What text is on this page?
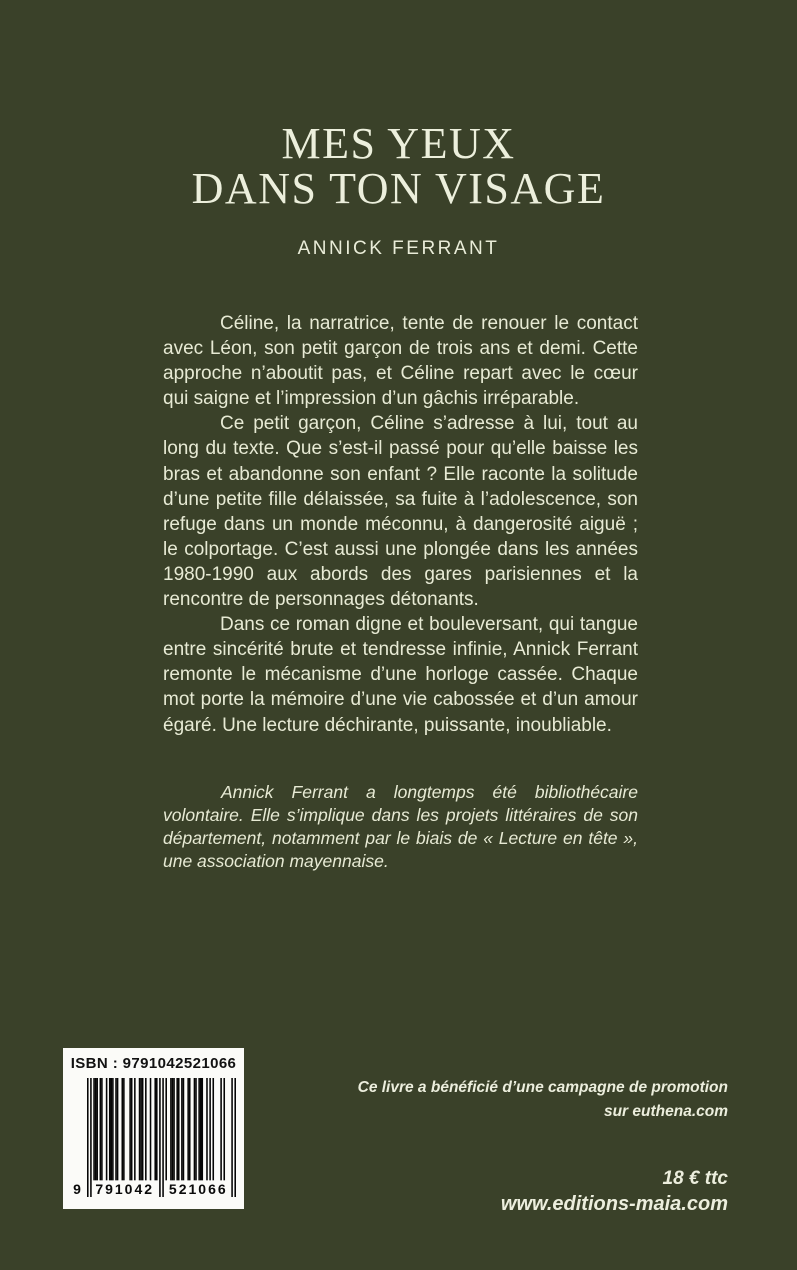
MES YEUX
DANS TON VISAGE
ANNICK FERRANT

Céline, la narratrice, tente de renouer le contact avec Léon, son petit garçon de trois ans et demi. Cette approche n’aboutit pas, et Céline repart avec le cœur qui saigne et l’impression d’un gâchis irréparable.

Ce petit garçon, Céline s’adresse à lui, tout au long du texte. Que s’est-il passé pour qu’elle baisse les bras et abandonne son enfant ? Elle raconte la solitude d’une petite fille délaissée, sa fuite à l’adolescence, son refuge dans un monde méconnu, à dangerosité aiguë ; le colportage. C’est aussi une plongée dans les années 1980-1990 aux abords des gares parisiennes et la rencontre de personnages détonants.

Dans ce roman digne et bouleversant, qui tangue entre sincérité brute et tendresse infinie, Annick Ferrant remonte le mécanisme d’une horloge cassée. Chaque mot porte la mémoire d’une vie cabossée et d’un amour égaré. Une lecture déchirante, puissante, inoubliable.

Annick Ferrant a longtemps été bibliothécaire volontaire. Elle s’implique dans les projets littéraires de son département, notamment par le biais de « Lecture en tête », une association mayennaise.

ISBN : 9791042521066
9 791042 521066
Ce livre a bénéficié d’une campagne de promotion
sur euthena.com
18 € ttc
www.editions-maia.com
